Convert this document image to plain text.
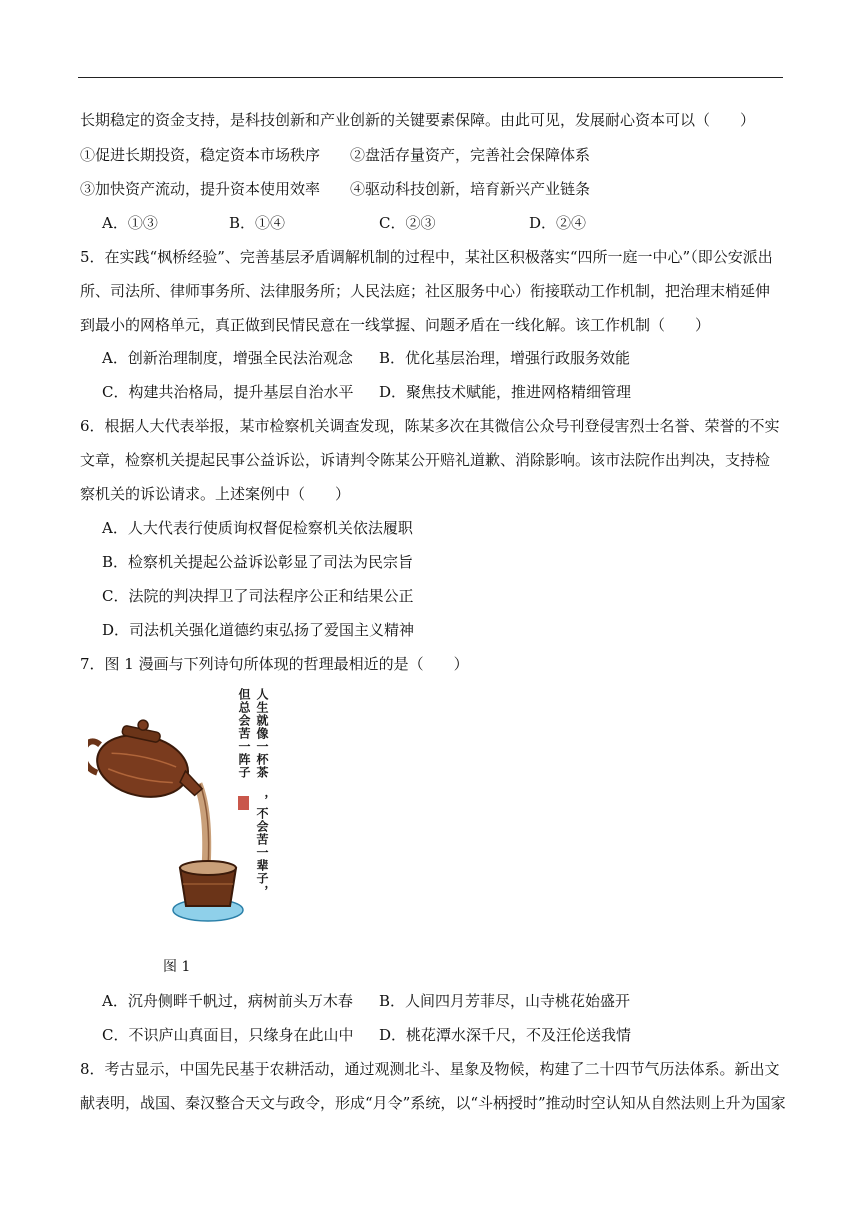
长期稳定的资金支持，是科技创新和产业创新的关键要素保障。由此可见，发展耐心资本可以（　　）
①促进长期投资，稳定资本市场秩序　　②盘活存量资产，完善社会保障体系
③加快资产流动，提升资本使用效率　　④驱动科技创新，培育新兴产业链条
A．①③	B．①④	C．②③	D．②④
5．在实践“枫桥经验”、完善基层矛盾调解机制的过程中，某社区积极落实“四所一庭一中心”（即公安派出
所、司法所、律师事务所、法律服务所；人民法庭；社区服务中心）衔接联动工作机制，把治理末梢延伸
到最小的网格单元，真正做到民情民意在一线掌握、问题矛盾在一线化解。该工作机制（　　）
A．创新治理制度，增强全民法治观念 B．优化基层治理，增强行政服务效能
C．构建共治格局，提升基层自治水平 D．聚焦技术赋能，推进网格精细管理
6．根据人大代表举报，某市检察机关调查发现，陈某多次在其微信公众号刊登侵害烈士名誉、荣誉的不实
文章，检察机关提起民事公益诉讼，诉请判令陈某公开赔礼道歉、消除影响。该市法院作出判决，支持检
察机关的诉讼请求。上述案例中（　　）
A．人大代表行使质询权督促检察机关依法履职
B．检察机关提起公益诉讼彰显了司法为民宗旨
C．法院的判决捍卫了司法程序公正和结果公正
D．司法机关强化道德约束弘扬了爱国主义精神
7．图 1 漫画与下列诗句所体现的哲理最相近的是（　　）
人生就像一杯茶
，不会苦一辈子，
但总会苦一阵子
图 1
A．沉舟侧畔千帆过，病树前头万木春 B．人间四月芳菲尽，山寺桃花始盛开
C．不识庐山真面目，只缘身在此山中 D．桃花潭水深千尺，不及汪伦送我情
8．考古显示，中国先民基于农耕活动，通过观测北斗、星象及物候，构建了二十四节气历法体系。新出文
献表明，战国、秦汉整合天文与政令，形成“月令”系统，以“斗柄授时”推动时空认知从自然法则上升为国家
